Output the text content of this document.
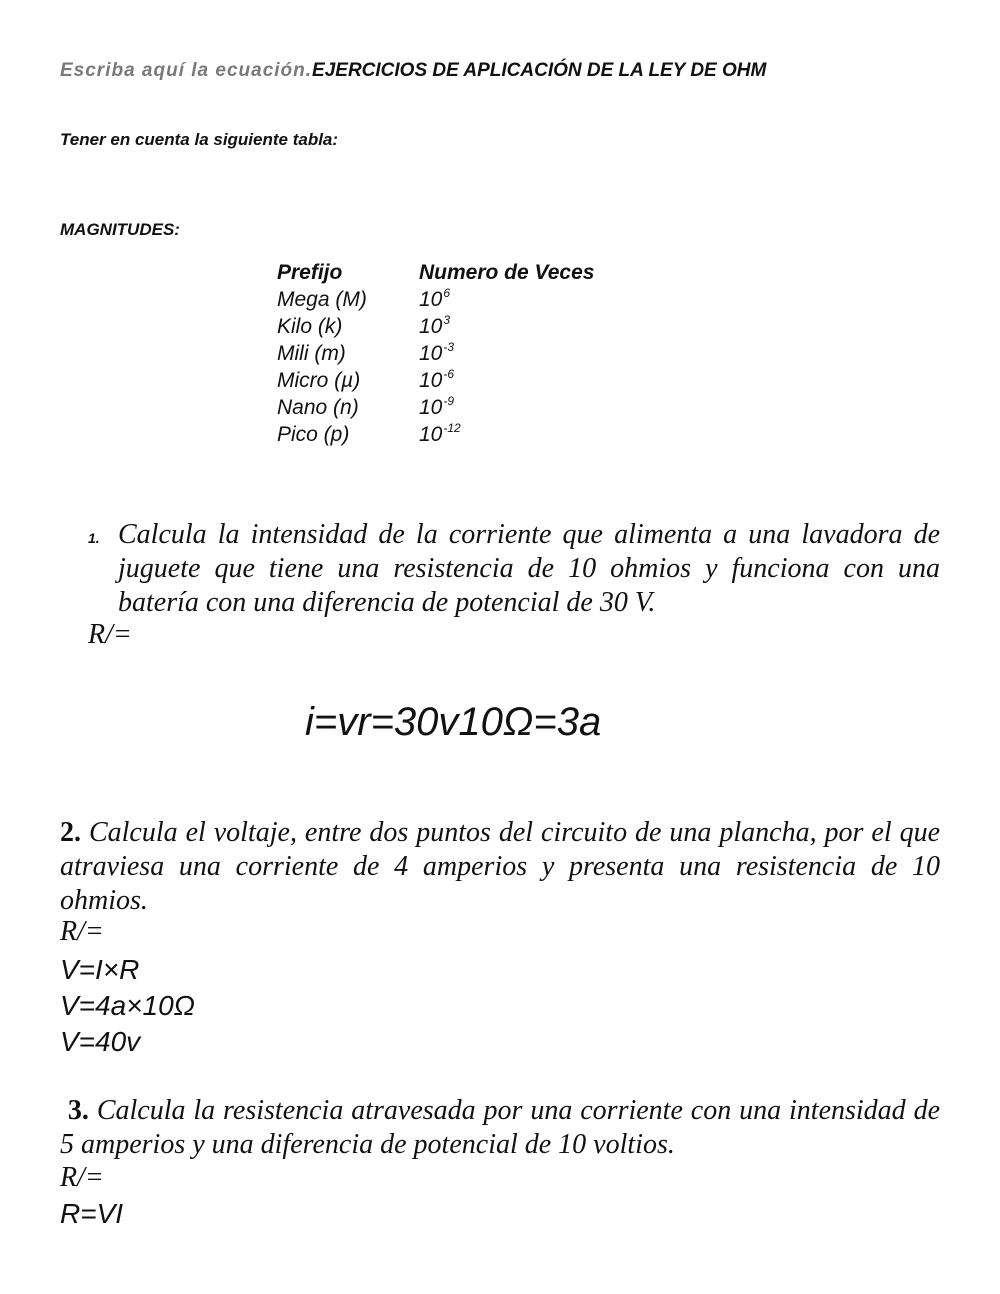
Escriba aquí la ecuación.EJERCICIOS DE APLICACIÓN DE LA LEY DE OHM
Tener en cuenta la siguiente tabla:
MAGNITUDES:
Prefijo	Numero de Veces
Mega (M)	$10^6$
Kilo (k)	$10^3$
Mili (m)	$10^{-3}$
Micro (µ)	$10^{-6}$
Nano (n)	$10^{-9}$
Pico (p)	$10^{-12}$
1. Calcula la intensidad de la corriente que alimenta a una lavadora de juguete que tiene una resistencia de 10 ohmios y funciona con una batería con una diferencia de potencial de 30 V.
R/=
i=vr=30v10Ω=3a
2. Calcula el voltaje, entre dos puntos del circuito de una plancha, por el que atraviesa una corriente de 4 amperios y presenta una resistencia de 10 ohmios.
R/=
V=I×R
V=4a×10Ω
V=40v
3. Calcula la resistencia atravesada por una corriente con una intensidad de 5 amperios y una diferencia de potencial de 10 voltios.
R/=
R=VI
